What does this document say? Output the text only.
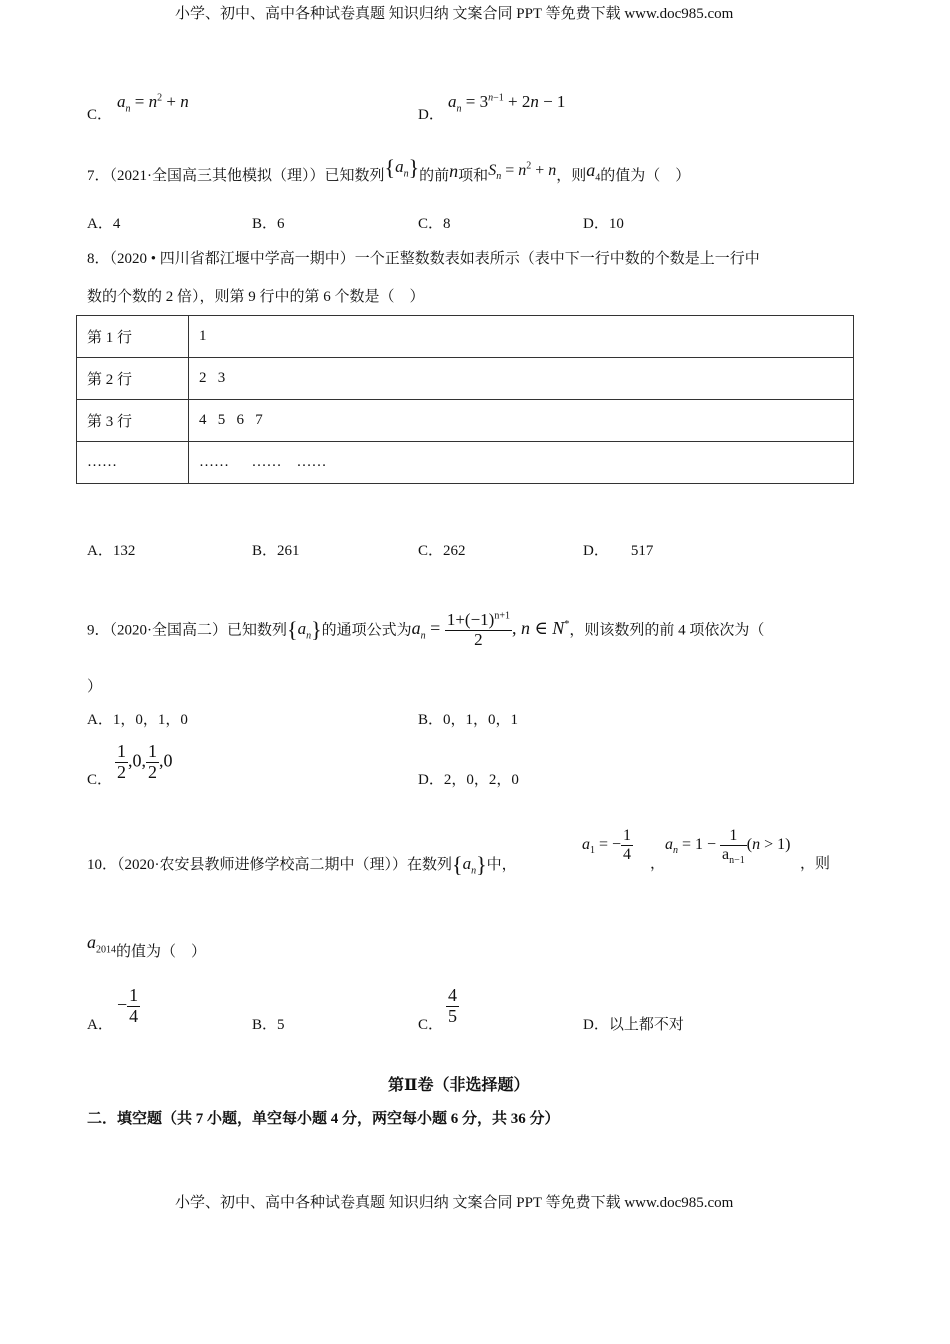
小学、初中、高中各种试卷真题 知识归纳 文案合同 PPT 等免费下载 www.doc985.com
C．
$a_n = n^2 + n$
D．
$a_n = 3^{n-1} + 2n - 1$
7．（2021·全国高三其他模拟（理））已知数列$\{a_n\}$的前n项和$S_n = n^2 + n$，则$a_4$的值为（　）
A．4	B．6	C．8	D．10
8．（2020 • 四川省都江堰中学高一期中）一个正整数数表如表所示（表中下一行中数的个数是上一行中
数的个数的 2 倍），则第 9 行中的第 6 个数是（　）
第 1 行	1
第 2 行	2   3
第 3 行	4   5   6   7
……	……      ……    ……
A．132	B．261	C．262	D． 517
9．（2020·全国高二）已知数列$\{a_n\}$的通项公式为$a_n = \frac{1+(-1)^{n+1}}{2}$ , n ∈ N*，则该数列的前 4 项依次为（
）
A．1，0，1，0	B．0，1，0，1
C． $\frac{1}{2} ,0$, $\frac{1}{2} ,0$
D．2，0，2，0
10．（2020·农安县教师进修学校高二期中（理））在数列$\{a_n\}$中，
$a_1$ = − $\frac{1}{4}$
，
$a_n = 1 - \frac{1}{a_{n-1}} (n > 1)$
，则
$a_{2014}$的值为（　）
A．
− $\frac{1}{4}$	B．5	C． $\frac{4}{5}$	D．以上都不对
第Ⅱ卷（非选择题）
二．填空题（共 7 小题，单空每小题 4 分，两空每小题 6 分，共 36 分）
小学、初中、高中各种试卷真题 知识归纳 文案合同 PPT 等免费下载 www.doc985.com
